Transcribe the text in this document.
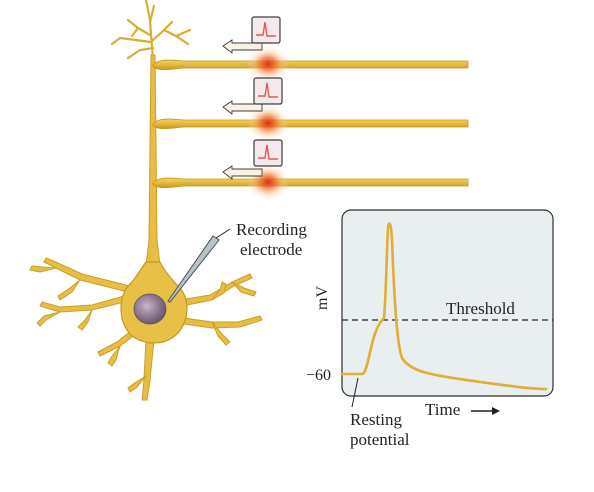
Recording
electrode
mV	Threshold
−60
Resting
potential
Time
